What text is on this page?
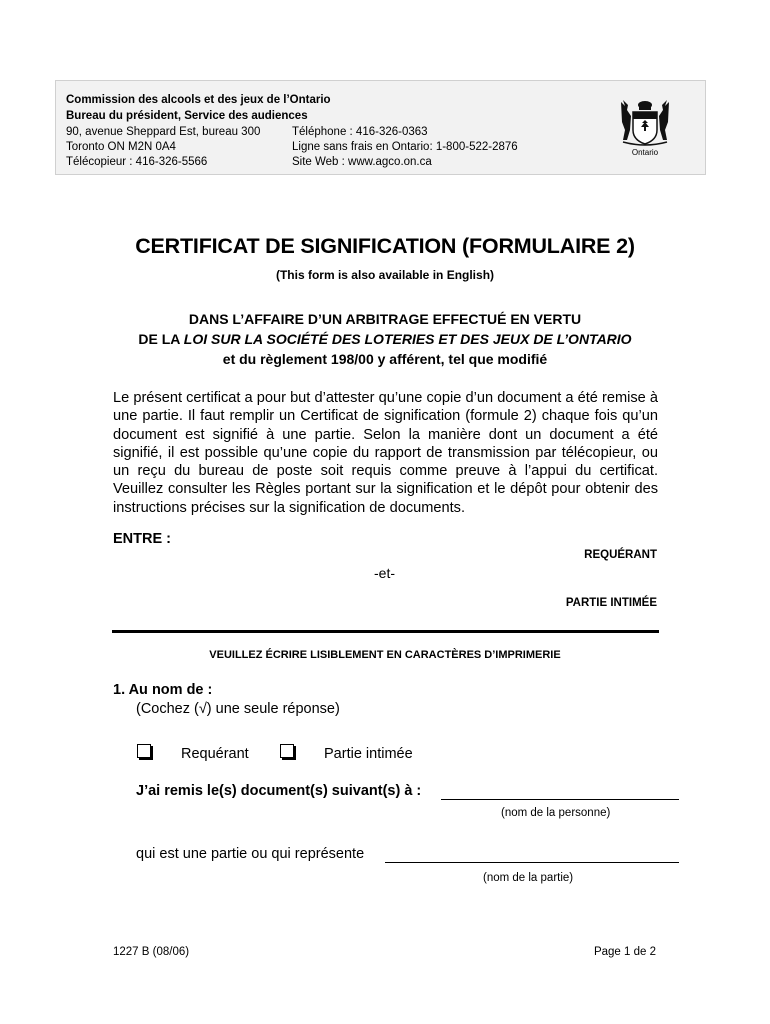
Commission des alcools et des jeux de l’Ontario
Bureau du président, Service des audiences
90, avenue Sheppard Est, bureau 300
Toronto ON M2N 0A4
Télécopieur : 416-326-5566
Téléphone : 416-326-0363
Ligne sans frais en Ontario: 1-800-522-2876
Site Web : www.agco.on.ca
Ontario
CERTIFICAT DE SIGNIFICATION (FORMULAIRE 2)
(This form is also available in English)
DANS L’AFFAIRE D’UN ARBITRAGE EFFECTUÉ EN VERTU
DE LA LOI SUR LA SOCIÉTÉ DES LOTERIES ET DES JEUX DE L’ONTARIO
et du règlement 198/00 y afférent, tel que modifié
Le présent certificat a pour but d’attester qu’une copie d’un document a été remise à une partie. Il faut remplir un Certificat de signification (formule 2) chaque fois qu’un document est signifié à une partie. Selon la manière dont un document a été signifié, il est possible qu’une copie du rapport de transmission par télécopieur, ou un reçu du bureau de poste soit requis comme preuve à l’appui du certificat. Veuillez consulter les Règles portant sur la signification et le dépôt pour obtenir des instructions précises sur la signification de documents.
ENTRE :
REQUÉRANT
-et-
PARTIE INTIMÉE
VEUILLEZ ÉCRIRE LISIBLEMENT EN CARACTÈRES D’IMPRIMERIE
1. Au nom de :
(Cochez (√) une seule réponse)
Requérant	Partie intimée
J’ai remis le(s) document(s) suivant(s) à :
(nom de la personne)
qui est une partie ou qui représente
(nom de la partie)
1227 B (08/06)	Page 1 de 2
